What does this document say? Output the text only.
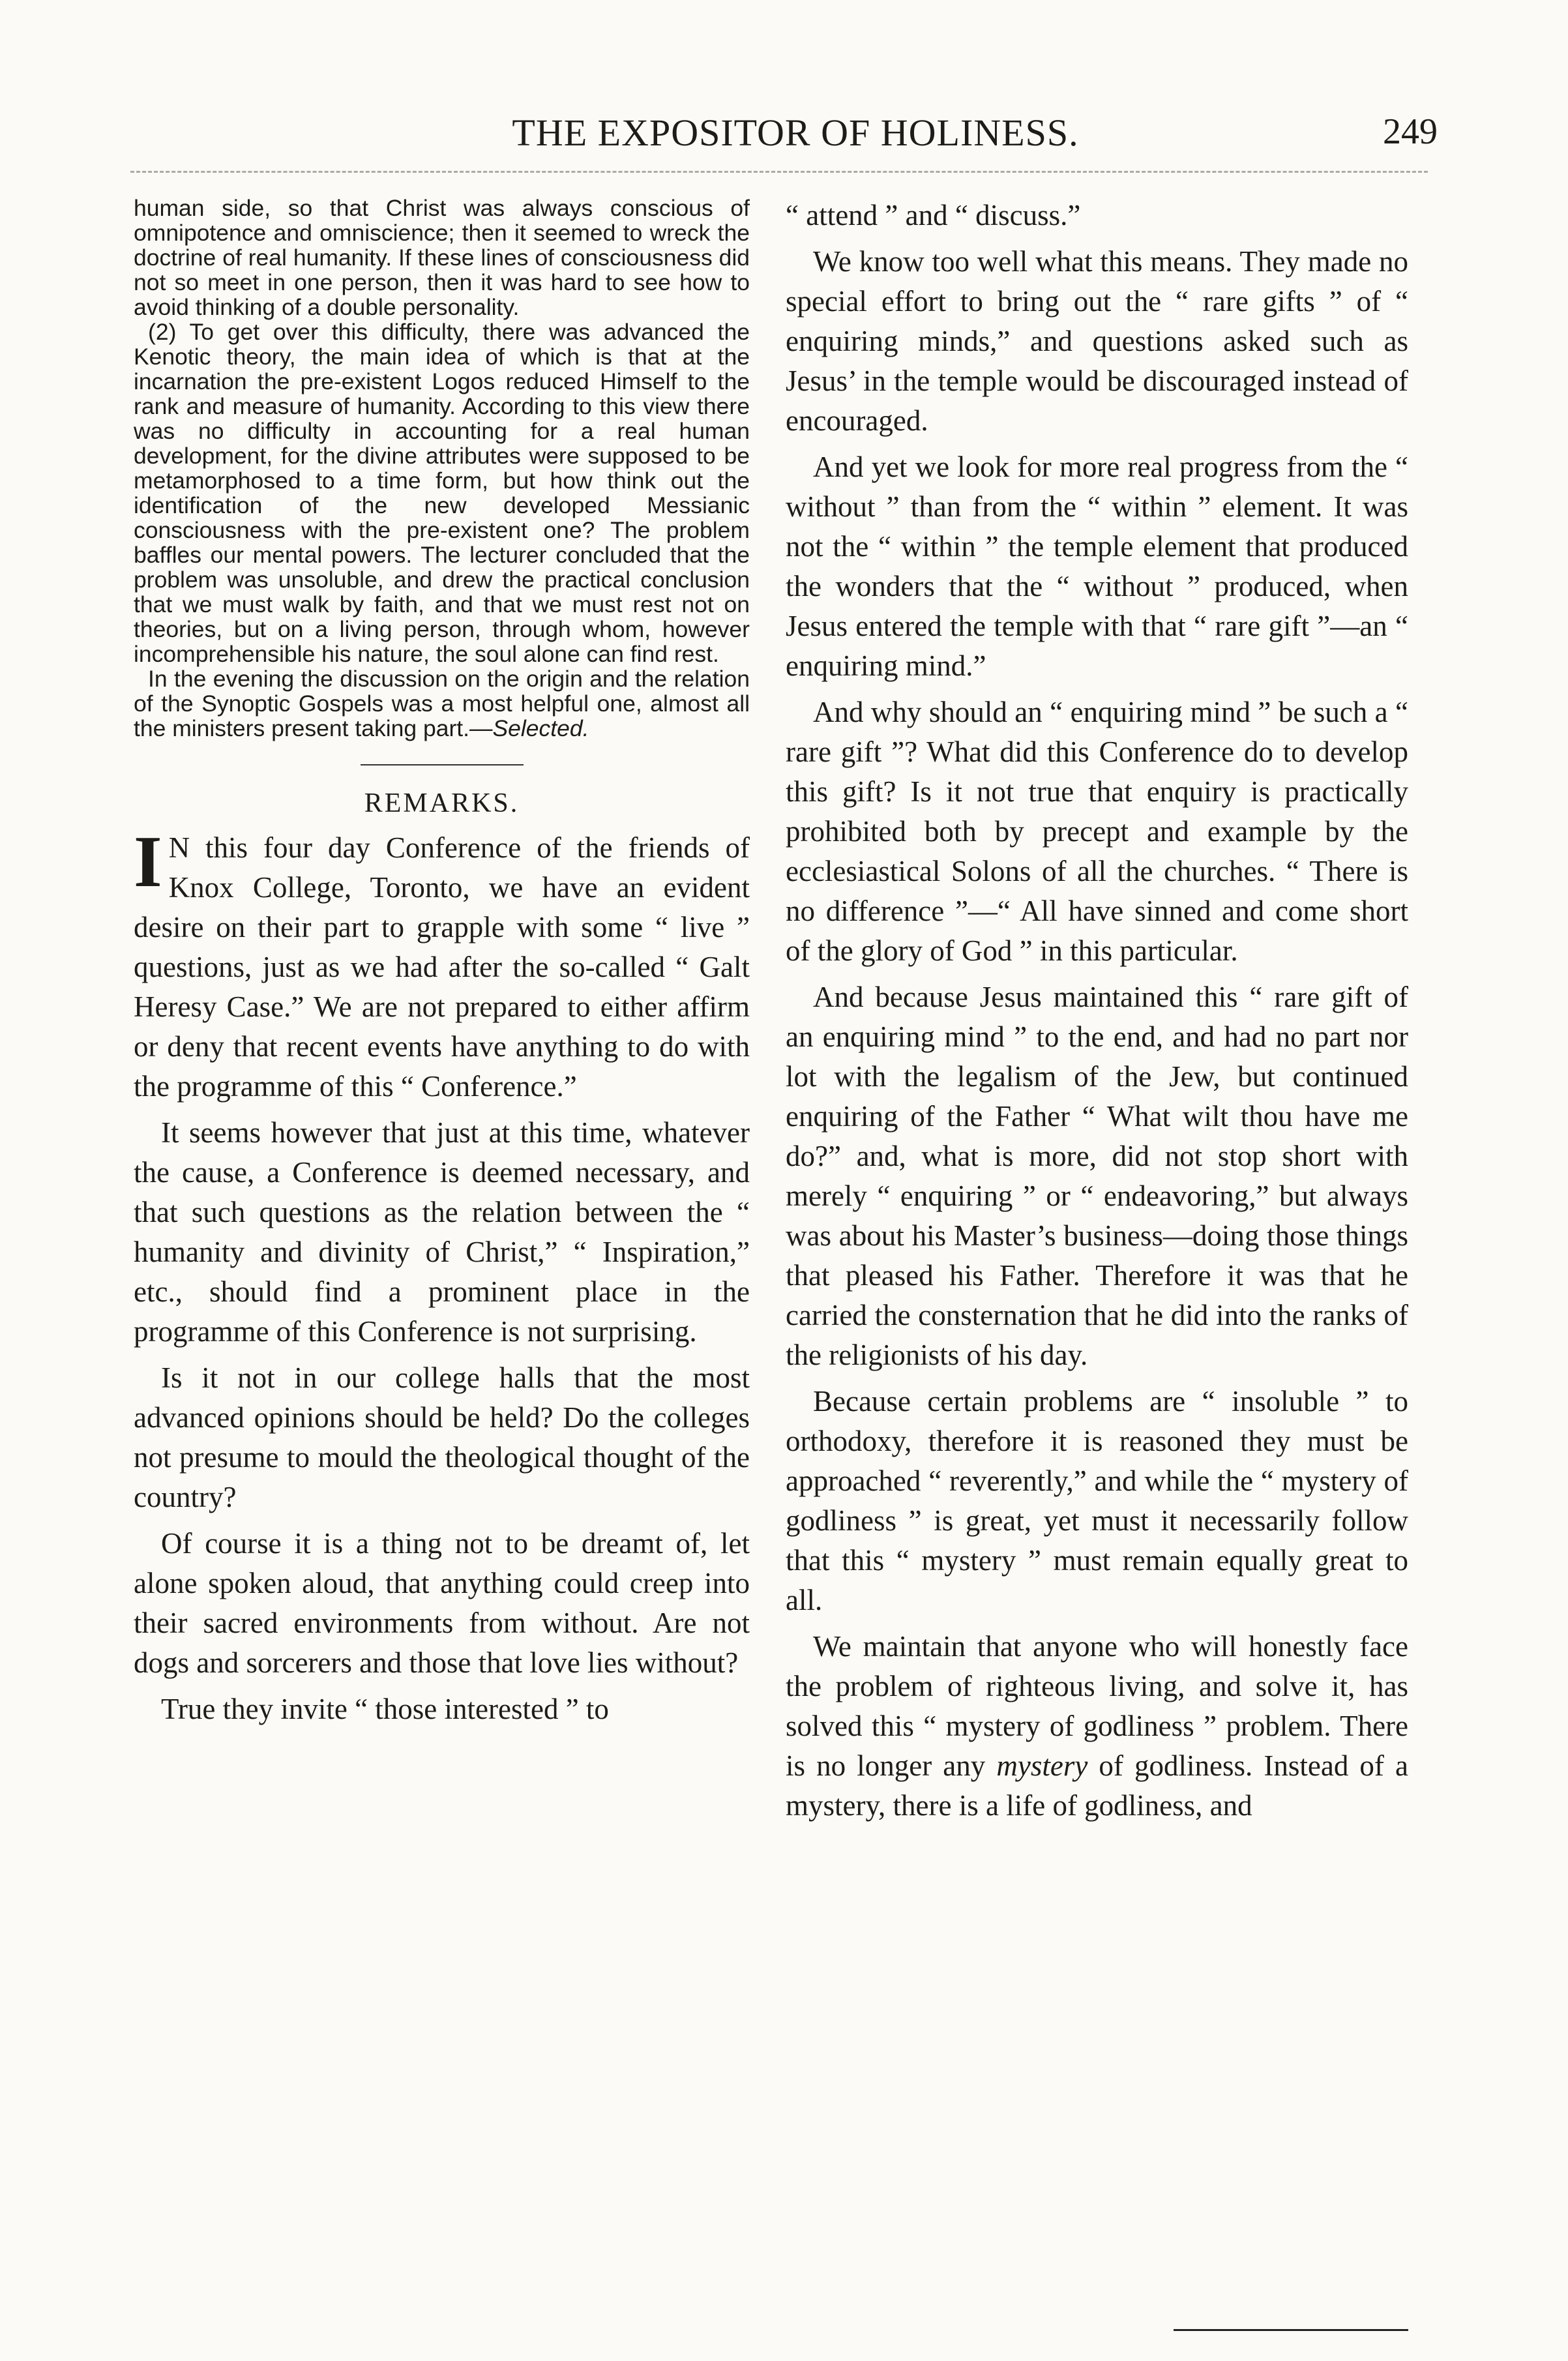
THE EXPOSITOR OF HOLINESS.	249

human side, so that Christ was always conscious of omnipotence and omniscience; then it seemed to wreck the doctrine of real humanity. If these lines of consciousness did not so meet in one person, then it was hard to see how to avoid thinking of a double personality.

(2) To get over this difficulty, there was advanced the Kenotic theory, the main idea of which is that at the incarnation the pre-existent Logos reduced Himself to the rank and measure of humanity. According to this view there was no difficulty in accounting for a real human development, for the divine attributes were supposed to be metamorphosed to a time form, but how think out the identification of the new developed Messianic consciousness with the pre-existent one? The problem baffles our mental powers. The lecturer concluded that the problem was unsoluble, and drew the practical conclusion that we must walk by faith, and that we must rest not on theories, but on a living person, through whom, however incomprehensible his nature, the soul alone can find rest.

In the evening the discussion on the origin and the relation of the Synoptic Gospels was a most helpful one, almost all the ministers present taking part.—Selected.

REMARKS.

I N this four day Conference of the friends of Knox College, Toronto, we have an evident desire on their part to grapple with some “ live ” questions, just as we had after the so-called “ Galt Heresy Case.” We are not prepared to either affirm or deny that recent events have anything to do with the programme of this “ Conference.”

It seems however that just at this time, whatever the cause, a Conference is deemed necessary, and that such questions as the relation between the “ humanity and divinity of Christ,” “ Inspiration,” etc., should find a prominent place in the programme of this Conference is not surprising.

Is it not in our college halls that the most advanced opinions should be held? Do the colleges not presume to mould the theological thought of the country?

Of course it is a thing not to be dreamt of, let alone spoken aloud, that anything could creep into their sacred environments from without. Are not dogs and sorcerers and those that love lies without?

True they invite “ those interested ” to

“ attend ” and “ discuss.”

We know too well what this means. They made no special effort to bring out the “ rare gifts ” of “ enquiring minds,” and questions asked such as Jesus’ in the temple would be discouraged instead of encouraged.

And yet we look for more real progress from the “ without ” than from the “ within ” element. It was not the “ within ” the temple element that produced the wonders that the “ without ” produced, when Jesus entered the temple with that “ rare gift ”—an “ enquiring mind.”

And why should an “ enquiring mind ” be such a “ rare gift ”? What did this Conference do to develop this gift? Is it not true that enquiry is practically prohibited both by precept and example by the ecclesiastical Solons of all the churches. “ There is no difference ”—“ All have sinned and come short of the glory of God ” in this particular.

And because Jesus maintained this “ rare gift of an enquiring mind ” to the end, and had no part nor lot with the legalism of the Jew, but continued enquiring of the Father “ What wilt thou have me do?” and, what is more, did not stop short with merely “ enquiring ” or “ endeavoring,” but always was about his Master’s business—doing those things that pleased his Father. Therefore it was that he carried the consternation that he did into the ranks of the religionists of his day.

Because certain problems are “ insoluble ” to orthodoxy, therefore it is reasoned they must be approached “ reverently,” and while the “ mystery of godliness ” is great, yet must it necessarily follow that this “ mystery ” must remain equally great to all.

We maintain that anyone who will honestly face the problem of righteous living, and solve it, has solved this “ mystery of godliness ” problem. There is no longer any mystery of godliness. Instead of a mystery, there is a life of godliness, and
